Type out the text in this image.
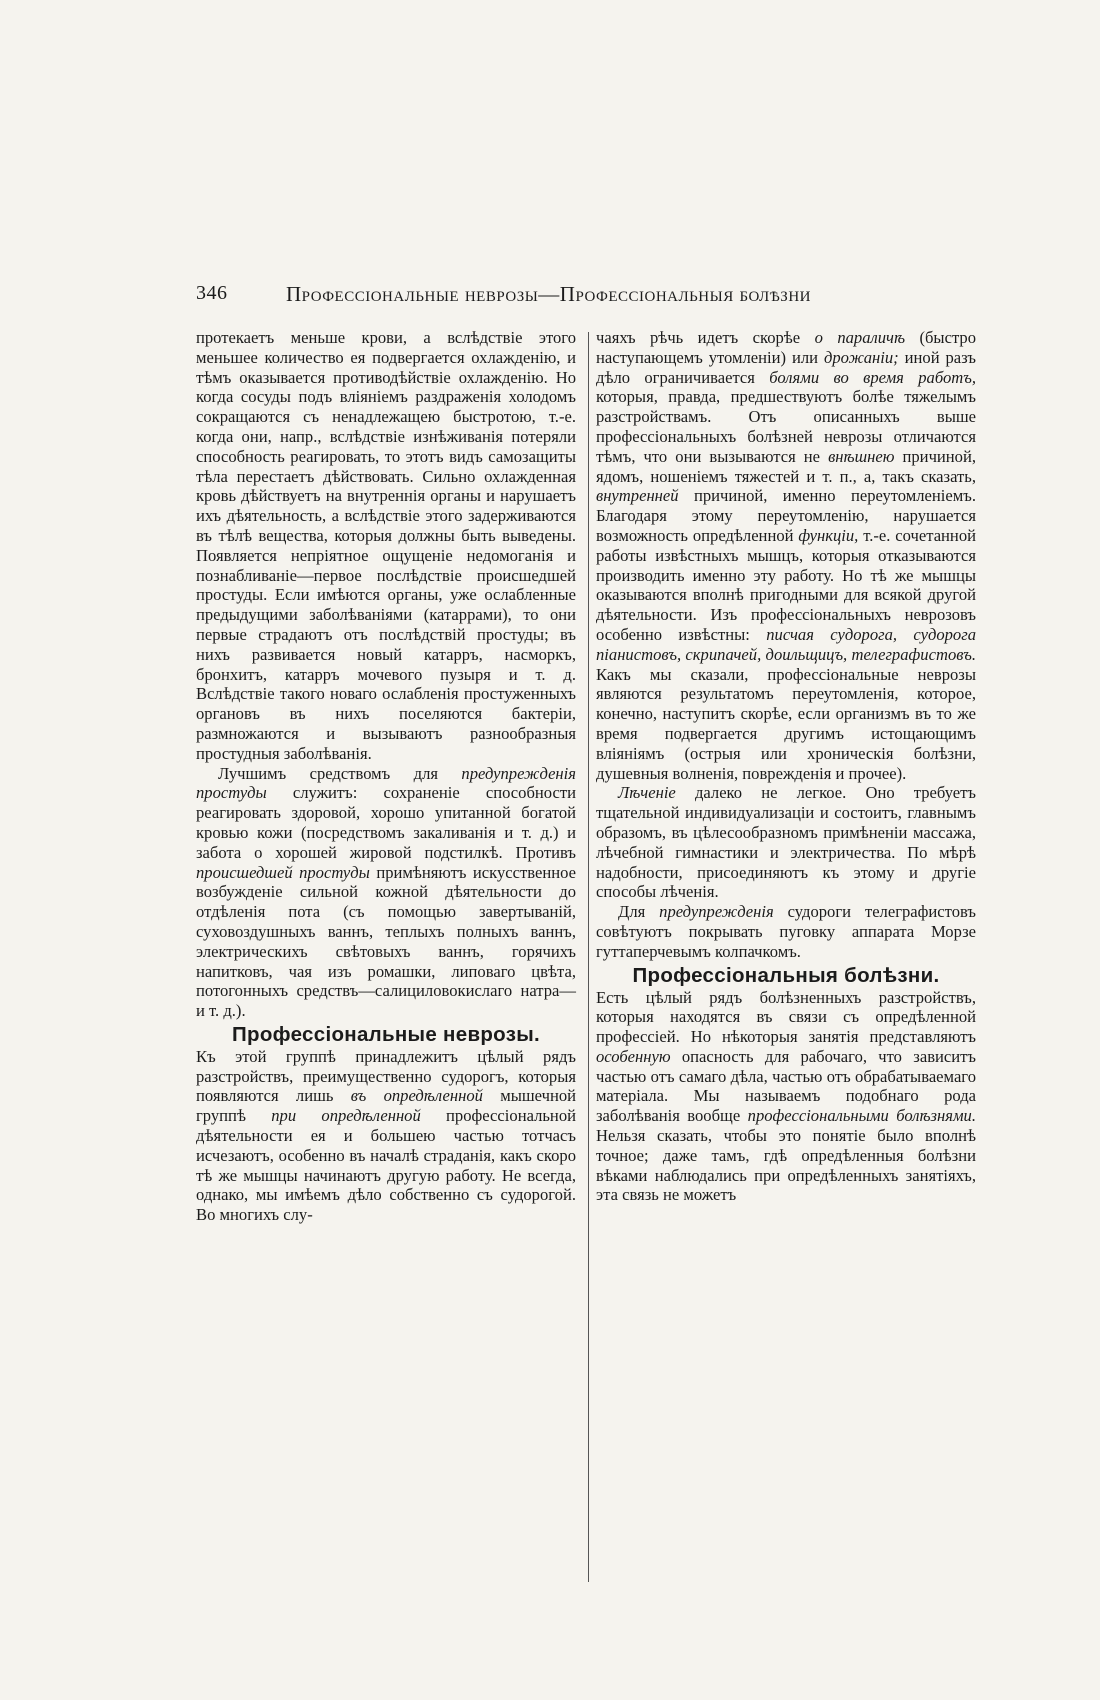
346	Профессіональные неврозы—Профессіональныя болѣзни

протекаетъ меньше крови, а вслѣдствіе этого меньшее количество ея подвергается охлажденію, и тѣмъ оказывается противодѣйствіе охлажденію. Но когда сосуды подъ вліяніемъ раздраженія холодомъ сокращаются съ ненадлежащею быстротою, т.-е. когда они, напр., вслѣдствіе изнѣживанія потеряли способность реагировать, то этотъ видъ самозащиты тѣла перестаетъ дѣйствовать. Сильно охлажденная кровь дѣйствуетъ на внутреннія органы и нарушаетъ ихъ дѣятельность, а вслѣдствіе этого задерживаются въ тѣлѣ вещества, которыя должны быть выведены. Появляется непріятное ощущеніе недомоганія и познабливаніе—первое послѣдствіе происшедшей простуды. Если имѣются органы, уже ослабленные предыдущими заболѣваніями (катаррами), то они первые страдаютъ отъ послѣдствій простуды; въ нихъ развивается новый катарръ, насморкъ, бронхитъ, катарръ мочевого пузыря и т. д. Вслѣдствіе такого новаго ослабленія простуженныхъ органовъ въ нихъ поселяются бактеріи, размножаются и вызываютъ разнообразныя простудныя заболѣванія.

Лучшимъ средствомъ для предупрежденія простуды служитъ: сохраненіе способности реагировать здоровой, хорошо упитанной богатой кровью кожи (посредствомъ закаливанія и т. д.) и забота о хорошей жировой подстилкѣ. Противъ происшедшей простуды примѣняютъ искусственное возбужденіе сильной кожной дѣятельности до отдѣленія пота (съ помощью завертываній, суховоздушныхъ ваннъ, теплыхъ полныхъ ваннъ, электрическихъ свѣтовыхъ ваннъ, горячихъ напитковъ, чая изъ ромашки, липоваго цвѣта, потогонныхъ средствъ—салициловокислаго натра—и т. д.).

Профессіональные неврозы.

Къ этой группѣ принадлежитъ цѣлый рядъ разстройствъ, преимущественно судорогъ, которыя появляются лишь въ опредѣленной мышечной группѣ при опредѣленной профессіональной дѣятельности ея и большею частью тотчасъ исчезаютъ, особенно въ началѣ страданія, какъ скоро тѣ же мышцы начинаютъ другую работу. Не всегда, однако, мы имѣемъ дѣло собственно съ судорогой. Во многихъ слу-

чаяхъ рѣчь идетъ скорѣе о параличѣ (быстро наступающемъ утомленіи) или дрожаніи; иной разъ дѣло ограничивается болями во время работъ, которыя, правда, предшествуютъ болѣе тяжелымъ разстройствамъ. Отъ описанныхъ выше профессіональныхъ болѣзней неврозы отличаются тѣмъ, что они вызываются не внѣшнею причиной, ядомъ, ношеніемъ тяжестей и т. п., а, такъ сказать, внутренней причиной, именно переутомленіемъ. Благодаря этому переутомленію, нарушается возможность опредѣленной функціи, т.-е. сочетанной работы извѣстныхъ мышцъ, которыя отказываются производить именно эту работу. Но тѣ же мышцы оказываются вполнѣ пригодными для всякой другой дѣятельности. Изъ профессіональныхъ неврозовъ особенно извѣстны: писчая судорога, судорога піанистовъ, скрипачей, доильщицъ, телеграфистовъ. Какъ мы сказали, профессіональные неврозы являются результатомъ переутомленія, которое, конечно, наступитъ скорѣе, если организмъ въ то же время подвергается другимъ истощающимъ вліяніямъ (острыя или хроническія болѣзни, душевныя волненія, поврежденія и прочее).

Лѣченіе далеко не легкое. Оно требуетъ тщательной индивидуализаціи и состоитъ, главнымъ образомъ, въ цѣлесообразномъ примѣненіи массажа, лѣчебной гимнастики и электричества. По мѣрѣ надобности, присоединяютъ къ этому и другіе способы лѣченія.

Для предупрежденія судороги телеграфистовъ совѣтуютъ покрывать пуговку аппарата Морзе гуттаперчевымъ колпачкомъ.

Профессіональныя болѣзни.

Есть цѣлый рядъ болѣзненныхъ разстройствъ, которыя находятся въ связи съ опредѣленной профессіей. Но нѣкоторыя занятія представляютъ особенную опасность для рабочаго, что зависитъ частью отъ самаго дѣла, частью отъ обрабатываемаго матеріала. Мы называемъ подобнаго рода заболѣванія вообще профессіональными болѣзнями. Нельзя сказать, чтобы это понятіе было вполнѣ точное; даже тамъ, гдѣ опредѣленныя болѣзни вѣками наблюдались при опредѣленныхъ занятіяхъ, эта связь не можетъ
